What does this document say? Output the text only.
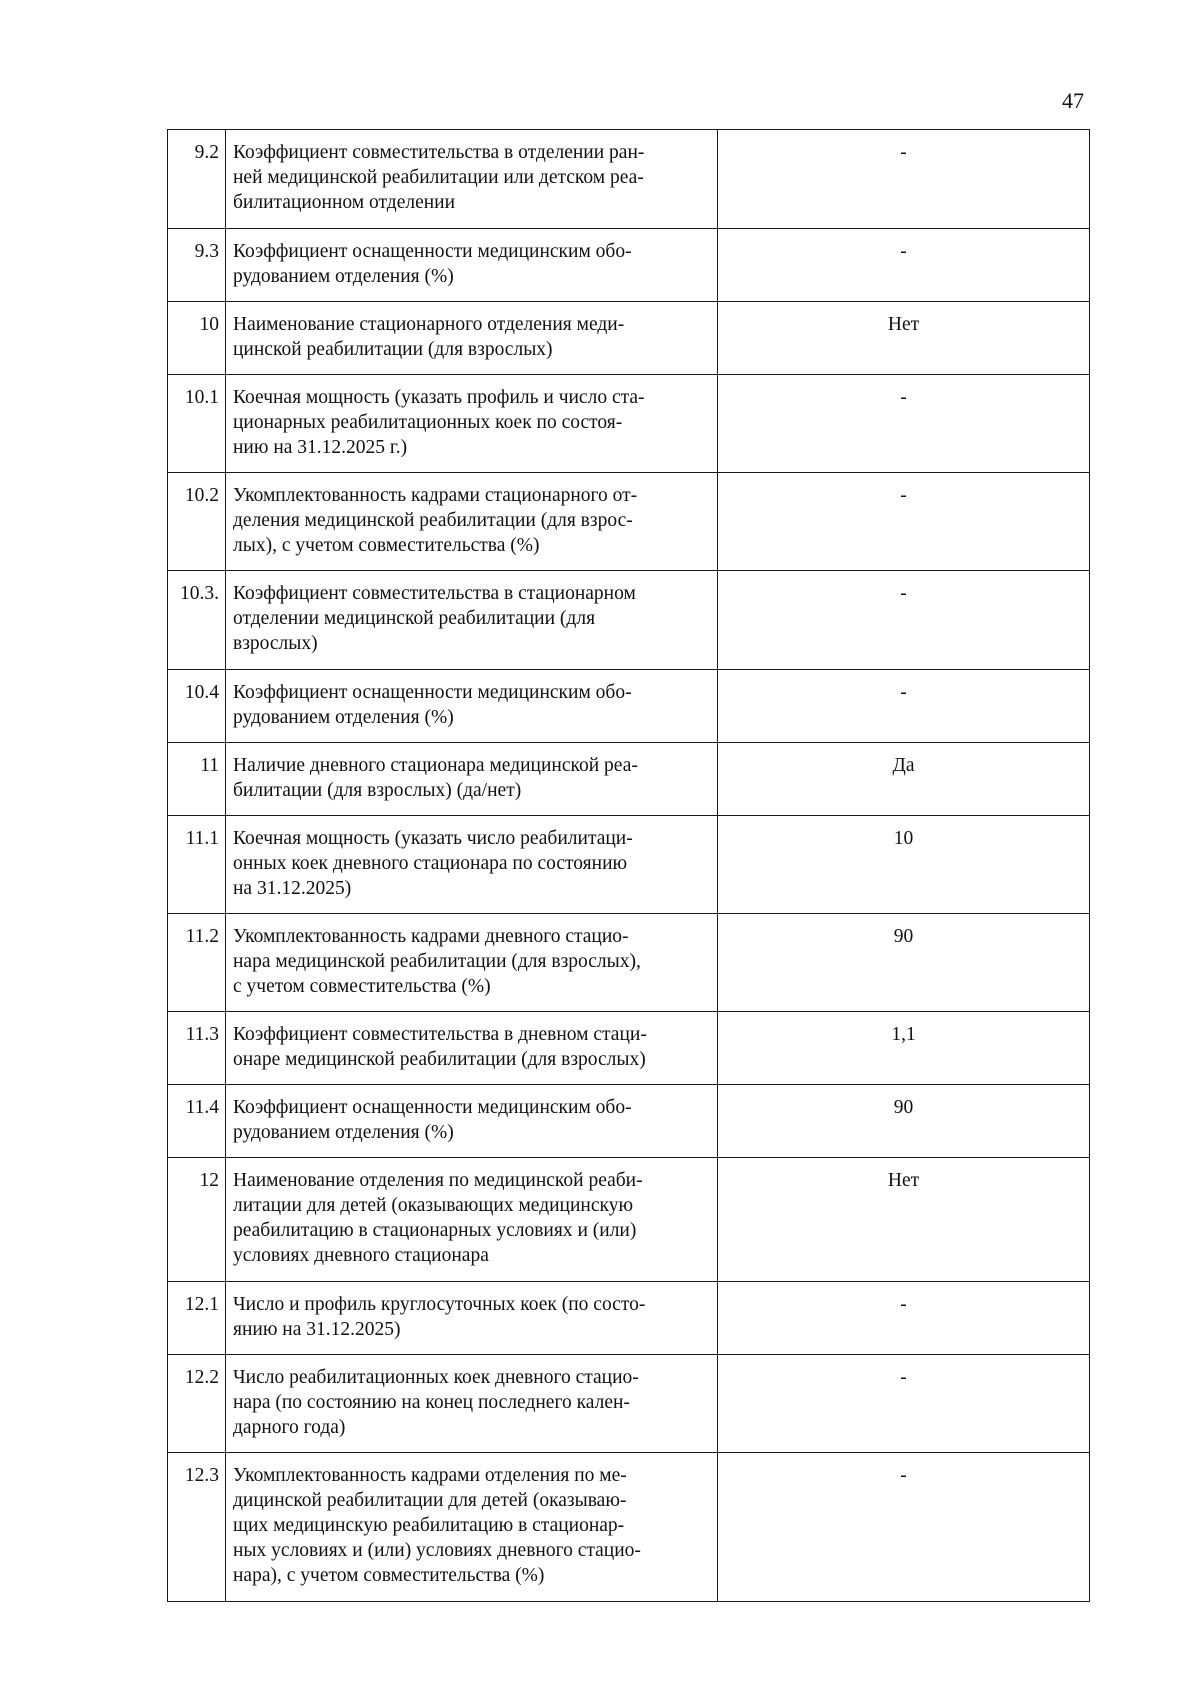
47
9.2	Коэффициент совместительства в отделении ран-
ней медицинской реабилитации или детском реа-
билитационном отделении	-
9.3	Коэффициент оснащенности медицинским обо-
рудованием отделения (%)	-
10	Наименование стационарного отделения меди-
цинской реабилитации (для взрослых)	Нет
10.1	Коечная мощность (указать профиль и число ста-
ционарных реабилитационных коек по состоя-
нию на 31.12.2025 г.)	-
10.2	Укомплектованность кадрами стационарного от-
деления медицинской реабилитации (для взрос-
лых), с учетом совместительства (%)	-
10.3.	Коэффициент совместительства в стационарном
отделении медицинской реабилитации (для
взрослых)	-
10.4	Коэффициент оснащенности медицинским обо-
рудованием отделения (%)	-
11	Наличие дневного стационара медицинской реа-
билитации (для взрослых) (да/нет)	Да
11.1	Коечная мощность (указать число реабилитаци-
онных коек дневного стационара по состоянию
на 31.12.2025)	10
11.2	Укомплектованность кадрами дневного стацио-
нара медицинской реабилитации (для взрослых),
с учетом совместительства (%)	90
11.3	Коэффициент совместительства в дневном стаци-
онаре медицинской реабилитации (для взрослых)	1,1
11.4	Коэффициент оснащенности медицинским обо-
рудованием отделения (%)	90
12	Наименование отделения по медицинской реаби-
литации для детей (оказывающих медицинскую
реабилитацию в стационарных условиях и (или)
условиях дневного стационара	Нет
12.1	Число и профиль круглосуточных коек (по состо-
янию на 31.12.2025)	-
12.2	Число реабилитационных коек дневного стацио-
нара (по состоянию на конец последнего кален-
дарного года)	-
12.3	Укомплектованность кадрами отделения по ме-
дицинской реабилитации для детей (оказываю-
щих медицинскую реабилитацию в стационар-
ных условиях и (или) условиях дневного стацио-
нара), с учетом совместительства (%)	-
